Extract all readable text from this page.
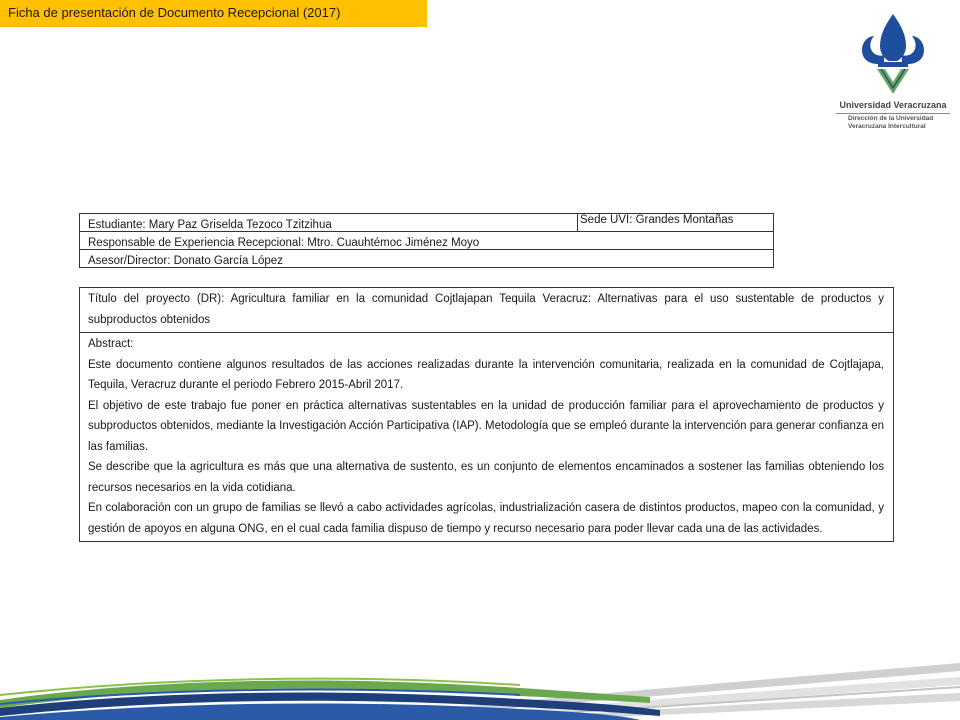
Ficha de presentación de Documento Recepcional (2017)
Universidad Veracruzana
Dirección de la Universidad
Veracruzana Intercultural
Estudiante: Mary Paz Griselda Tezoco Tzitzihua	Sede UVI: Grandes Montañas
Responsable de Experiencia Recepcional: Mtro. Cuauhtémoc Jiménez Moyo
Asesor/Director: Donato García López
Título del proyecto (DR): Agricultura familiar en la comunidad Cojtlajapan Tequila Veracruz: Alternativas para el uso sustentable de productos y subproductos obtenidos

Abstract:

Este documento contiene algunos resultados de las acciones realizadas durante la intervención comunitaria, realizada en la comunidad de Cojtlajapa, Tequila, Veracruz durante el periodo Febrero 2015-Abril 2017.

El objetivo de este trabajo fue poner en práctica alternativas sustentables en la unidad de producción familiar para el aprovechamiento de productos y subproductos obtenidos, mediante la Investigación Acción Participativa (IAP). Metodología que se empleó durante la intervención para generar confianza en las familias.

Se describe que la agricultura es más que una alternativa de sustento, es un conjunto de elementos encaminados a sostener las familias obteniendo los recursos necesarios en la vida cotidiana.

En colaboración con un grupo de familias se llevó a cabo actividades agrícolas, industrialización casera de distintos productos, mapeo con la comunidad, y gestión de apoyos en alguna ONG, en el cual cada familia dispuso de tiempo y recurso necesario para poder llevar cada una de las actividades.
